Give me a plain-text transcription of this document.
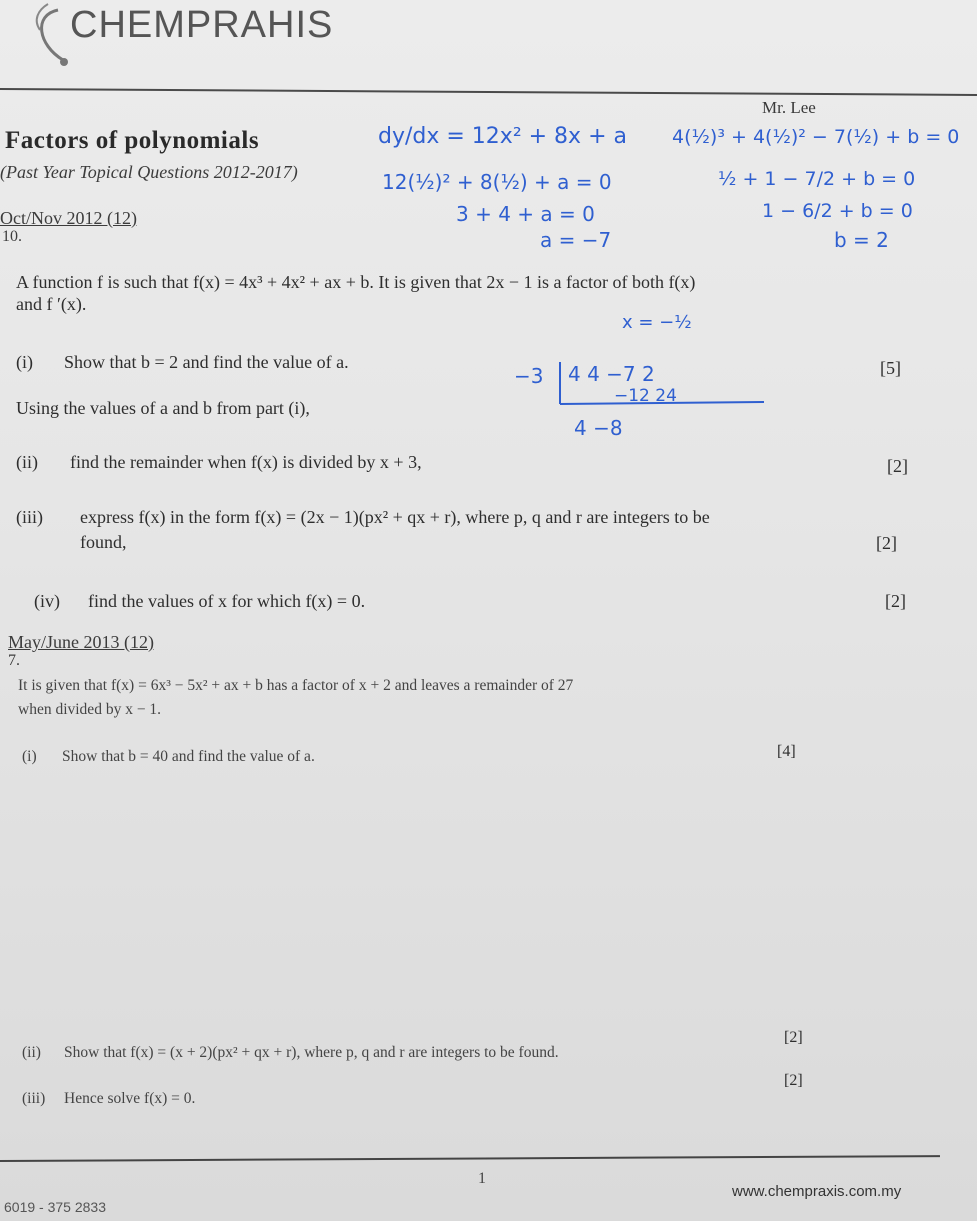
CHEMPRAHIS
Mr. Lee
Factors of polynomials
(Past Year Topical Questions 2012-2017)
Oct/Nov 2012 (12)
10.
A function f is such that f(x) = 4x³ + 4x² + ax + b. It is given that 2x − 1 is a factor of both f(x)
and f ′(x).
(i) Show that b = 2 and find the value of a.	[5]
Using the values of a and b from part (i),
(ii) find the remainder when f(x) is divided by x + 3,	[2]
(iii) express f(x) in the form f(x) = (2x − 1)(px² + qx + r), where p, q and r are integers to be
found,	[2]
(iv) find the values of x for which f(x) = 0.	[2]
May/June 2013 (12)
7.
It is given that f(x) = 6x³ − 5x² + ax + b has a factor of x + 2 and leaves a remainder of 27
when divided by x − 1.
(i) Show that b = 40 and find the value of a.	[4]
(ii) Show that f(x) = (x + 2)(px² + qx + r), where p, q and r are integers to be found.
[2]
(iii) Hence solve f(x) = 0.
[2]
dy/dx = 12x² + 8x + a
12(½)² + 8(½) + a = 0
3 + 4 + a = 0
a = −7
4(½)³ + 4(½)² − 7(½) + b = 0
½ + 1 − 7/2 + b = 0
1 − 6/2 + b = 0
b = 2
x = −½
−3 4 4 −7 2
−12 24
4 −8
1
www.chempraxis.com.my
6019 - 375 2833
